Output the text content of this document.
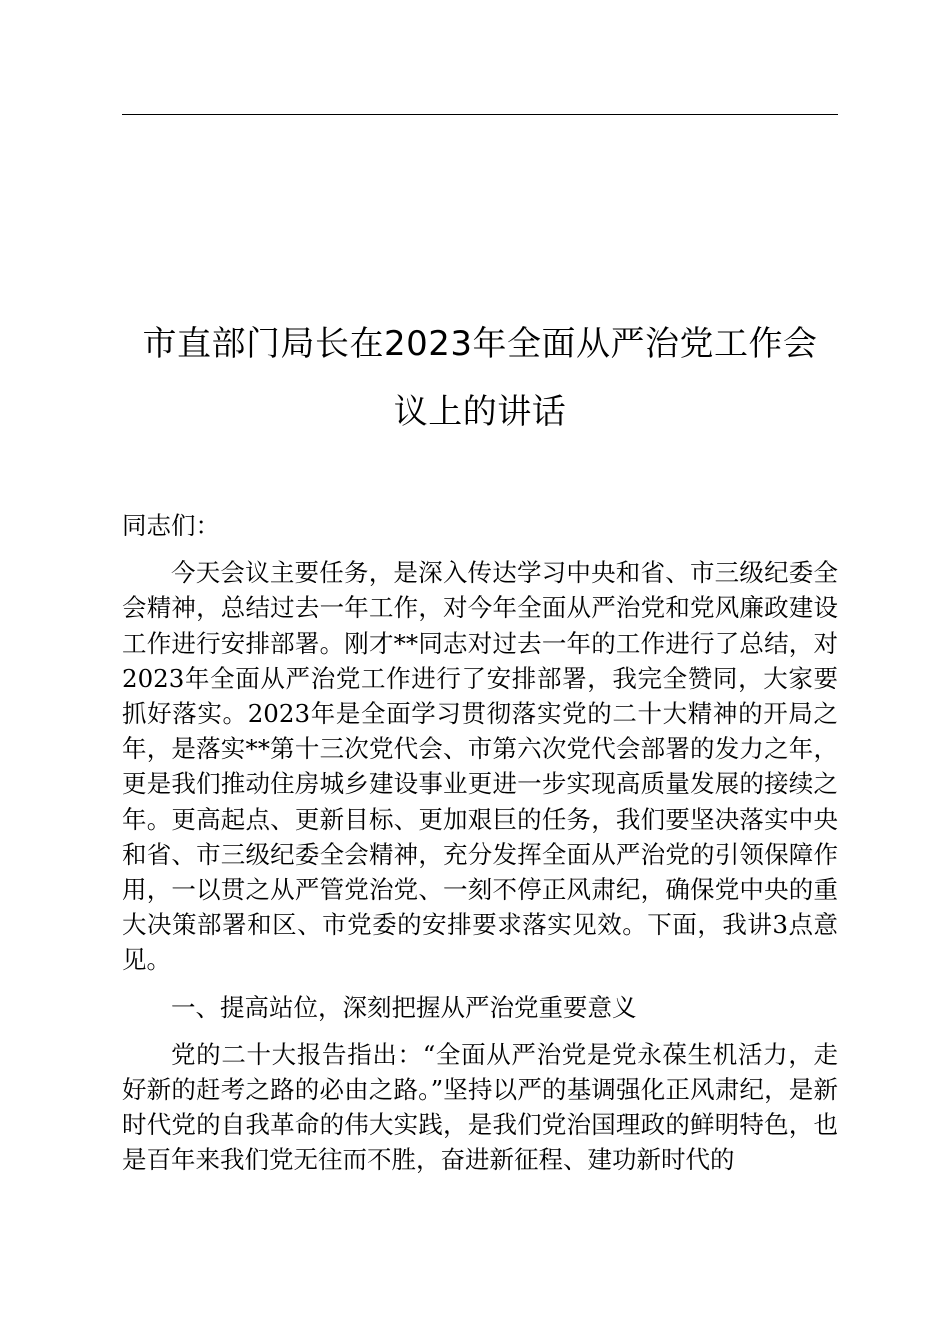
市直部门局长在2023年全面从严治党工作会
议上的讲话

同志们：

今天会议主要任务，是深入传达学习中央和省、市三级纪委全会精神，总结过去一年工作，对今年全面从严治党和党风廉政建设工作进行安排部署。刚才**同志对过去一年的工作进行了总结，对2023年全面从严治党工作进行了安排部署，我完全赞同，大家要抓好落实。2023年是全面学习贯彻落实党的二十大精神的开局之年，是落实**第十三次党代会、市第六次党代会部署的发力之年，更是我们推动住房城乡建设事业更进一步实现高质量发展的接续之年。更高起点、更新目标、更加艰巨的任务，我们要坚决落实中央和省、市三级纪委全会精神，充分发挥全面从严治党的引领保障作用，一以贯之从严管党治党、一刻不停正风肃纪，确保党中央的重大决策部署和区、市党委的安排要求落实见效。下面，我讲3点意见。

一、提高站位，深刻把握从严治党重要意义

党的二十大报告指出：“全面从严治党是党永葆生机活力，走好新的赶考之路的必由之路。”坚持以严的基调强化正风肃纪，是新时代党的自我革命的伟大实践，是我们党治国理政的鲜明特色，也是百年来我们党无往而不胜，奋进新征程、建功新时代的
